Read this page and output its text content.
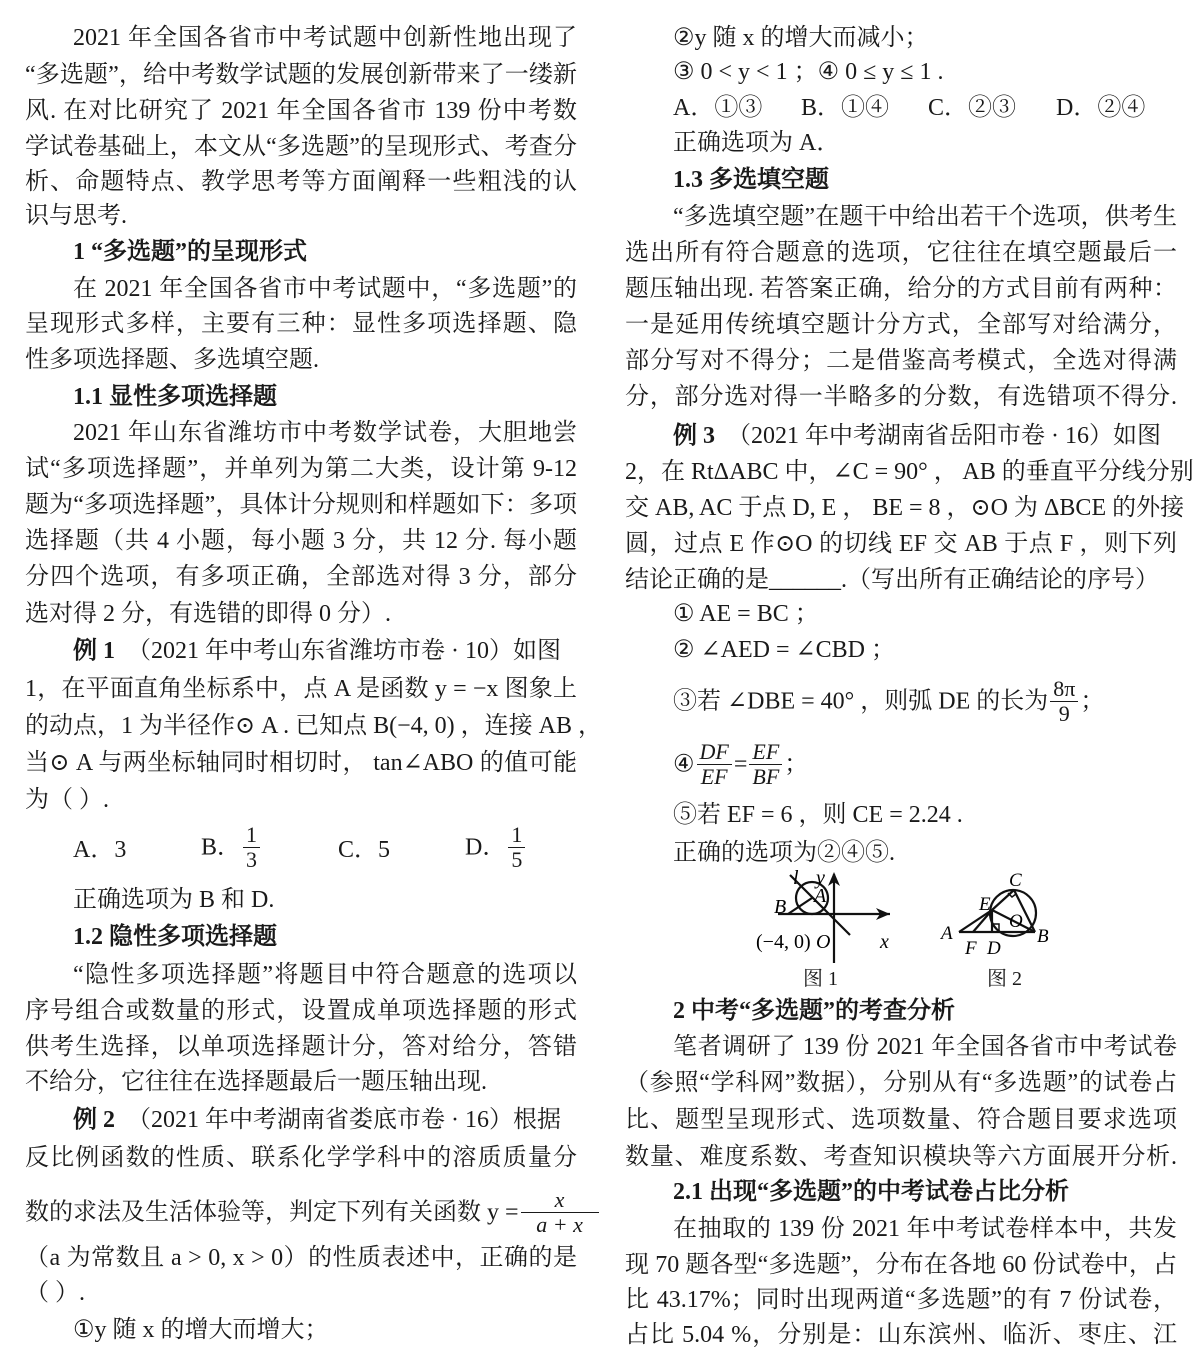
2021 年全国各省市中考试题中创新性地出现了
“多选题”，给中考数学试题的发展创新带来了一缕新
风. 在对比研究了 2021 年全国各省市 139 份中考数
学试卷基础上，本文从“多选题”的呈现形式、考查分
析、命题特点、教学思考等方面阐释一些粗浅的认
识与思考.
1 “多选题”的呈现形式
在 2021 年全国各省市中考试题中，“多选题”的
呈现形式多样，主要有三种：显性多项选择题、隐
性多项选择题、多选填空题.
1.1 显性多项选择题
2021 年山东省潍坊市中考数学试卷，大胆地尝
试“多项选择题”，并单列为第二大类，设计第 9-12
题为“多项选择题”，具体计分规则和样题如下：多项
选择题（共 4 小题，每小题 3 分，共 12 分. 每小题
分四个选项，有多项正确，全部选对得 3 分，部分
选对得 2 分，有选错的即得 0 分）.
例 1 （2021 年中考山东省潍坊市卷 · 10）如图
1，在平面直角坐标系中，点 A 是函数 y = −x 图象上
的动点，1 为半径作⊙ A . 已知点 B(−4, 0) ，连接 AB ，
当⊙ A 与两坐标轴同时相切时， tan∠ABO 的值可能
为（ ）.
A．3	B． $\frac{1}{3}$	C．5	D． $\frac{1}{5}$
正确选项为 B 和 D.
1.2 隐性多项选择题
“隐性多项选择题”将题目中符合题意的选项以
序号组合或数量的形式，设置成单项选择题的形式
供考生选择，以单项选择题计分，答对给分，答错
不给分，它往往在选择题最后一题压轴出现.
例 2 （2021 年中考湖南省娄底市卷 · 16）根据
反比例函数的性质、联系化学学科中的溶质质量分
数的求法及生活体验等，判定下列有关函数 $y = \frac{x}{a + x}$
（a 为常数且 a > 0, x > 0）的性质表述中，正确的是
（ ）.
①y 随 x 的增大而增大；
②y 随 x 的增大而减小；
③ 0 < y < 1 ；④ 0 ≤ y ≤ 1 .
A．①③ B．①④ C．②③ D．②④
正确选项为 A．
1.3 多选填空题
“多选填空题”在题干中给出若干个选项，供考生
选出所有符合题意的选项，它往往在填空题最后一
题压轴出现. 若答案正确，给分的方式目前有两种：
一是延用传统填空题计分方式，全部写对给满分，
部分写对不得分；二是借鉴高考模式，全选对得满
分，部分选对得一半略多的分数，有选错项不得分.
例 3 （2021 年中考湖南省岳阳市卷 · 16）如图
2，在 RtΔABC 中，∠C = 90° ， AB 的垂直平分线分别
交 AB, AC 于点 D, E ， BE = 8 ，⊙O 为 ΔBCE 的外接
圆，过点 E 作⊙O 的切线 EF 交 AB 于点 F ，则下列
结论正确的是______.（写出所有正确结论的序号）
① AE = BC ；
② ∠AED = ∠CBD ；
③若 ∠DBE = 40° ，则弧 DE 的长为 $\frac{8\pi}{9}$ ；
④ $\frac{DF}{EF} = \frac{EF}{BF}$ ；
⑤若 EF = 6 ，则 CE = 2.24 .
正确的选项为②④⑤.
l y
A
B
(−4, 0) O x
图 1
C
E
O
A	B
F D
图 2
2 中考“多选题”的考查分析
笔者调研了 139 份 2021 年全国各省市中考试卷
（参照“学科网”数据），分别从有“多选题”的试卷占
比、题型呈现形式、选项数量、符合题目要求选项
数量、难度系数、考查知识模块等六方面展开分析.
2.1 出现“多选题”的中考试卷占比分析
在抽取的 139 份 2021 年中考试卷样本中，共发
现 70 题各型“多选题”，分布在各地 60 份试卷中，占
比 43.17%；同时出现两道“多选题”的有 7 份试卷，
占比 5.04 %，分别是：山东滨州、临沂、枣庄、江
